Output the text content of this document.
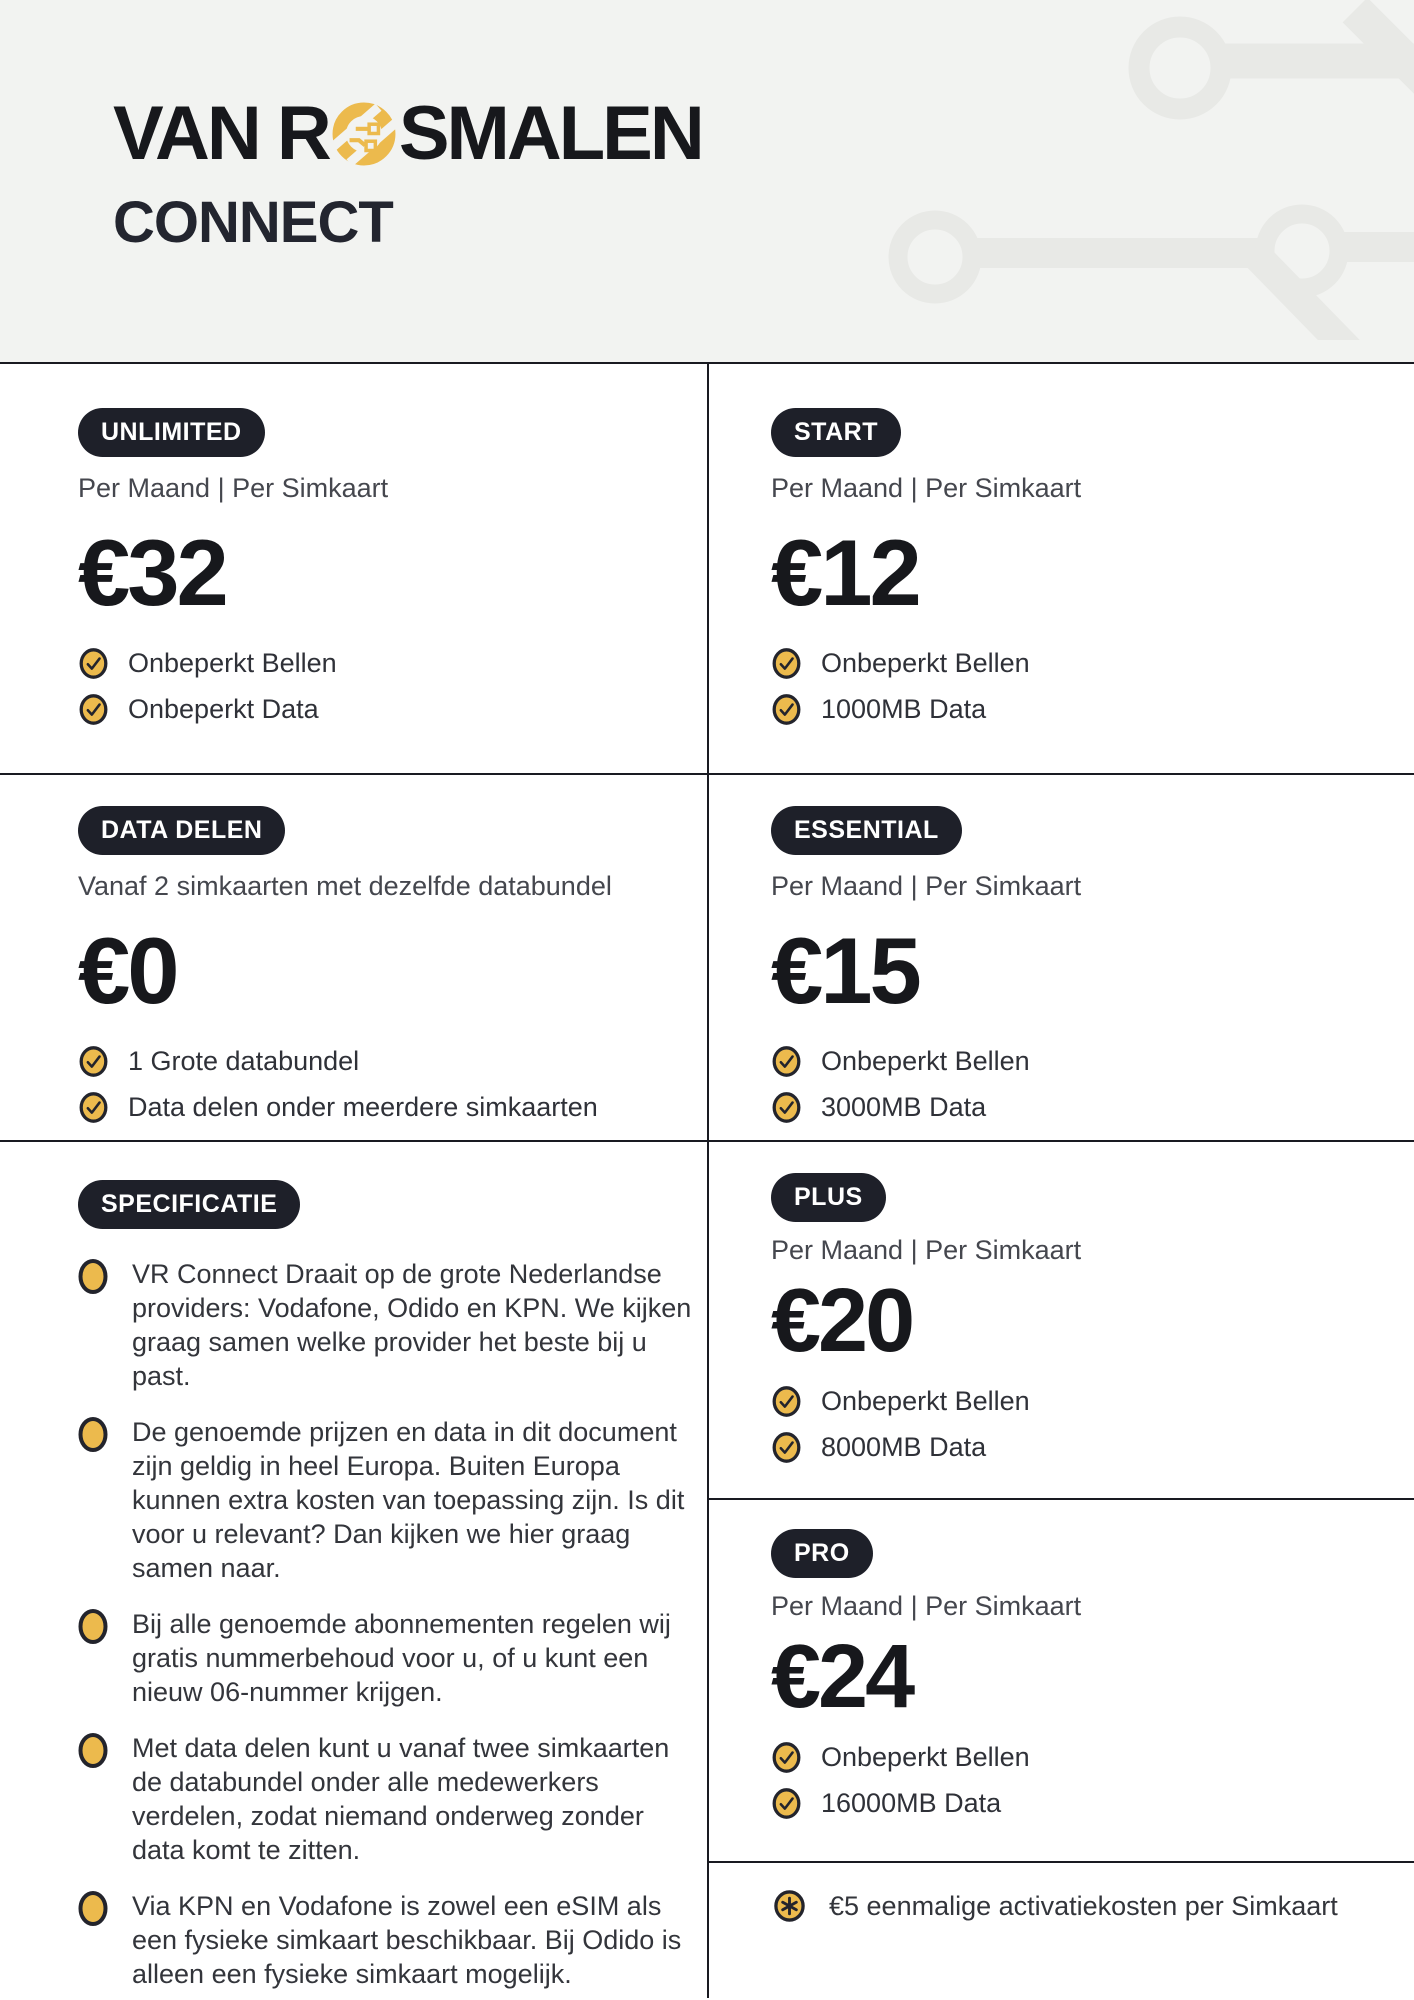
VAN R SMALEN
CONNECT
UNLIMITED
Per Maand | Per Simkaart
€32
Onbeperkt Bellen
Onbeperkt Data
DATA DELEN
Vanaf 2 simkaarten met dezelfde databundel
€0
1 Grote databundel
Data delen onder meerdere simkaarten
SPECIFICATIE
VR Connect Draait op de grote Nederlandse providers: Vodafone, Odido en KPN. We kijken graag samen welke provider het beste bij u past.
De genoemde prijzen en data in dit document zijn geldig in heel Europa. Buiten Europa kunnen extra kosten van toepassing zijn. Is dit voor u relevant? Dan kijken we hier graag samen naar.
Bij alle genoemde abonnementen regelen wij gratis nummerbehoud voor u, of u kunt een nieuw 06-nummer krijgen.
Met data delen kunt u vanaf twee simkaarten de databundel onder alle medewerkers verdelen, zodat niemand onderweg zonder data komt te zitten.
Via KPN en Vodafone is zowel een eSIM als een fysieke simkaart beschikbaar. Bij Odido is alleen een fysieke simkaart mogelijk.
START
Per Maand | Per Simkaart
€12
Onbeperkt Bellen
1000MB Data
ESSENTIAL
Per Maand | Per Simkaart
€15
Onbeperkt Bellen
3000MB Data
PLUS
Per Maand | Per Simkaart
€20
Onbeperkt Bellen
8000MB Data
PRO
Per Maand | Per Simkaart
€24
Onbeperkt Bellen
16000MB Data
€5 eenmalige activatiekosten per Simkaart
